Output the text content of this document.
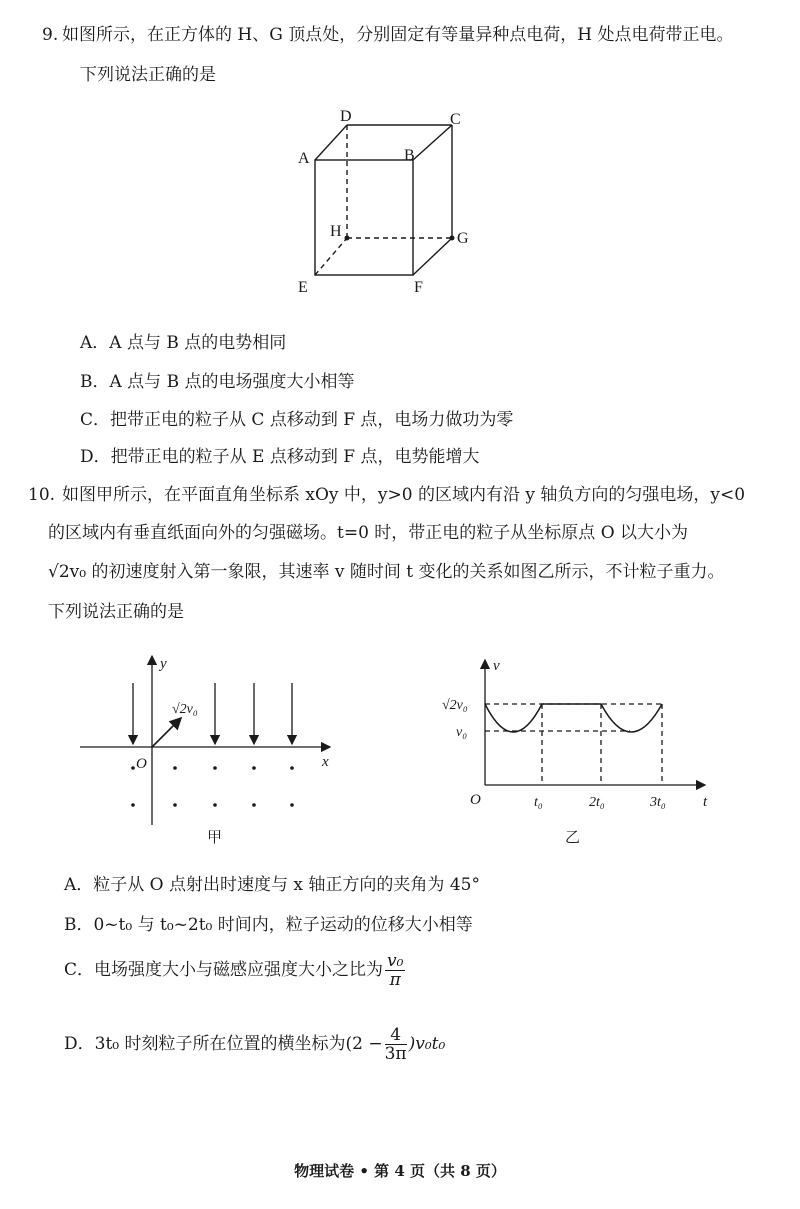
9. 如图所示，在正方体的 H、G 顶点处，分别固定有等量异种点电荷，H 处点电荷带正电。
下列说法正确的是
A	B
C
D
E	F
G
H
A．A 点与 B 点的电势相同
B．A 点与 B 点的电场强度大小相等
C．把带正电的粒子从 C 点移动到 F 点，电场力做功为零
D．把带正电的粒子从 E 点移动到 F 点，电势能增大
10. 如图甲所示，在平面直角坐标系 xOy 中，y>0 的区域内有沿 y 轴负方向的匀强电场，y<0
的区域内有垂直纸面向外的匀强磁场。t=0 时，带正电的粒子从坐标原点 O 以大小为
√2v₀ 的初速度射入第一象限，其速率 v 随时间 t 变化的关系如图乙所示，不计粒子重力。
下列说法正确的是
y
x
O
√2v₀
甲
v
t
O
√2v₀
v₀
t₀	2t₀	3t₀
乙
A．粒子从 O 点射出时速度与 x 轴正方向的夹角为 45°
B．0~t₀ 与 t₀~2t₀ 时间内，粒子运动的位移大小相等
C．电场强度大小与磁感应强度大小之比为 $\frac{\text{v₀}}{\pi}$
D．3t₀ 时刻粒子所在位置的横坐标为$(2 - \frac{4}{3\pi} )v_0t_0$
物理试卷 • 第 4 页（共 8 页）
